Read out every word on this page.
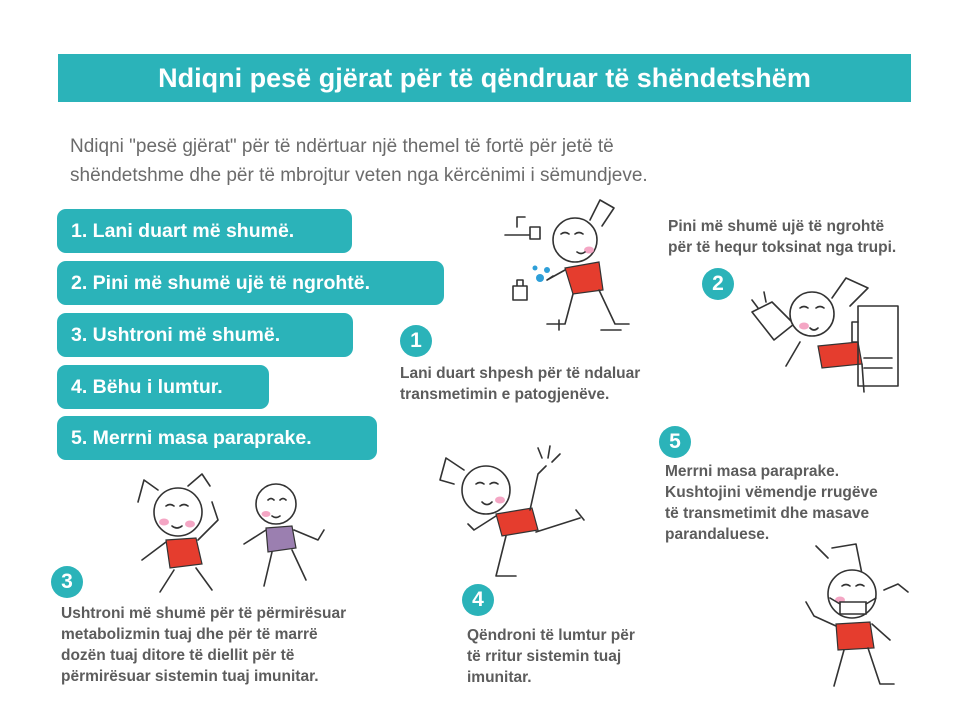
Ndiqni pesë gjërat për të qëndruar të shëndetshëm
Ndiqni "pesë gjërat" për të ndërtuar një themel të fortë për jetë të
shëndetshme dhe për të mbrojtur veten nga kërcënimi i sëmundjeve.
1. Lani duart më shumë.
2. Pini më shumë ujë të ngrohtë.
3. Ushtroni më shumë.
4. Bëhu i lumtur.
5. Merrni masa paraprake.
1
Lani duart shpesh për të ndaluar
transmetimin e patogjenëve.
2
Pini më shumë ujë të ngrohtë
për të hequr toksinat nga trupi.
3
Ushtroni më shumë për të përmirësuar
metabolizmin tuaj dhe për të marrë
dozën tuaj ditore të diellit për të
përmirësuar sistemin tuaj imunitar.
4
Qëndroni të lumtur për
të rritur sistemin tuaj
imunitar.
5
Merrni masa paraprake.
Kushtojini vëmendje rrugëve
të transmetimit dhe masave
parandaluese.
